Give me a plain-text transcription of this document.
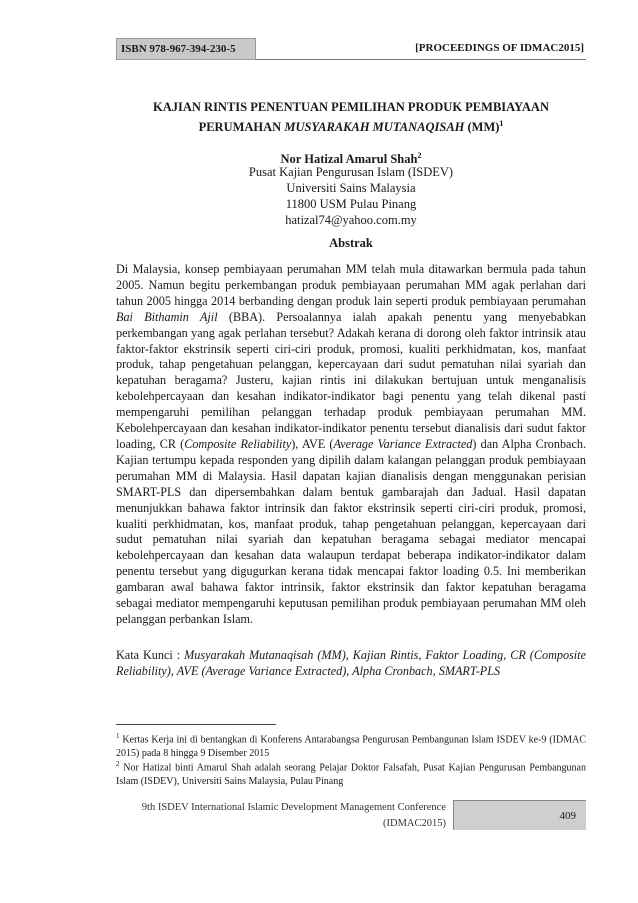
ISBN 978-967-394-230-5	[PROCEEDINGS OF IDMAC2015]
KAJIAN RINTIS PENENTUAN PEMILIHAN PRODUK PEMBIAYAAN
PERUMAHAN MUSYARAKAH MUTANAQISAH (MM)$^1$
Nor Hatizal Amarul Shah$^2$
Pusat Kajian Pengurusan Islam (ISDEV)
Universiti Sains Malaysia
11800 USM Pulau Pinang
hatizal74@yahoo.com.my
Abstrak

Di Malaysia, konsep pembiayaan perumahan MM telah mula ditawarkan bermula pada tahun 2005. Namun begitu perkembangan produk pembiayaan perumahan MM agak perlahan dari tahun 2005 hingga 2014 berbanding dengan produk lain seperti produk pembiayaan perumahan Bai Bithamin Ajil (BBA). Persoalannya ialah apakah penentu yang menyebabkan perkembangan yang agak perlahan tersebut? Adakah kerana di dorong oleh faktor intrinsik atau faktor-faktor ekstrinsik seperti ciri-ciri produk, promosi, kualiti perkhidmatan, kos, manfaat produk, tahap pengetahuan pelanggan, kepercayaan dari sudut pematuhan nilai syariah dan kepatuhan beragama? Justeru, kajian rintis ini dilakukan bertujuan untuk menganalisis kebolehpercayaan dan kesahan indikator-indikator bagi penentu yang telah dikenal pasti mempengaruhi pemilihan pelanggan terhadap produk pembiayaan perumahan MM. Kebolehpercayaan dan kesahan indikator-indikator penentu tersebut dianalisis dari sudut faktor loading, CR (Composite Reliability), AVE (Average Variance Extracted) dan Alpha Cronbach. Kajian tertumpu kepada responden yang dipilih dalam kalangan pelanggan produk pembiayaan perumahan MM di Malaysia. Hasil dapatan kajian dianalisis dengan menggunakan perisian SMART-PLS dan dipersembahkan dalam bentuk gambarajah dan Jadual. Hasil dapatan menunjukkan bahawa faktor intrinsik dan faktor ekstrinsik seperti ciri-ciri produk, promosi, kualiti perkhidmatan, kos, manfaat produk, tahap pengetahuan pelanggan, kepercayaan dari sudut pematuhan nilai syariah dan kepatuhan beragama sebagai mediator mencapai kebolehpercayaan dan kesahan data walaupun terdapat beberapa indikator-indikator dalam penentu tersebut yang digugurkan kerana tidak mencapai faktor loading 0.5. Ini memberikan gambaran awal bahawa faktor intrinsik, faktor ekstrinsik dan faktor kepatuhan beragama sebagai mediator mempengaruhi keputusan pemilihan produk pembiayaan perumahan MM oleh pelanggan perbankan Islam.

Kata Kunci : Musyarakah Mutanaqisah (MM), Kajian Rintis, Faktor Loading, CR (Composite Reliability), AVE (Average Variance Extracted), Alpha Cronbach, SMART-PLS

$^1$ Kertas Kerja ini di bentangkan di Konferens Antarabangsa Pengurusan Pembangunan Islam ISDEV ke-9 (IDMAC 2015) pada 8 hingga 9 Disember 2015

$^2$ Nor Hatizal binti Amarul Shah adalah seorang Pelajar Doktor Falsafah, Pusat Kajian Pengurusan Pembangunan Islam (ISDEV), Universiti Sains Malaysia, Pulau Pinang

9th ISDEV International Islamic Development Management Conference
(IDMAC2015)
409
